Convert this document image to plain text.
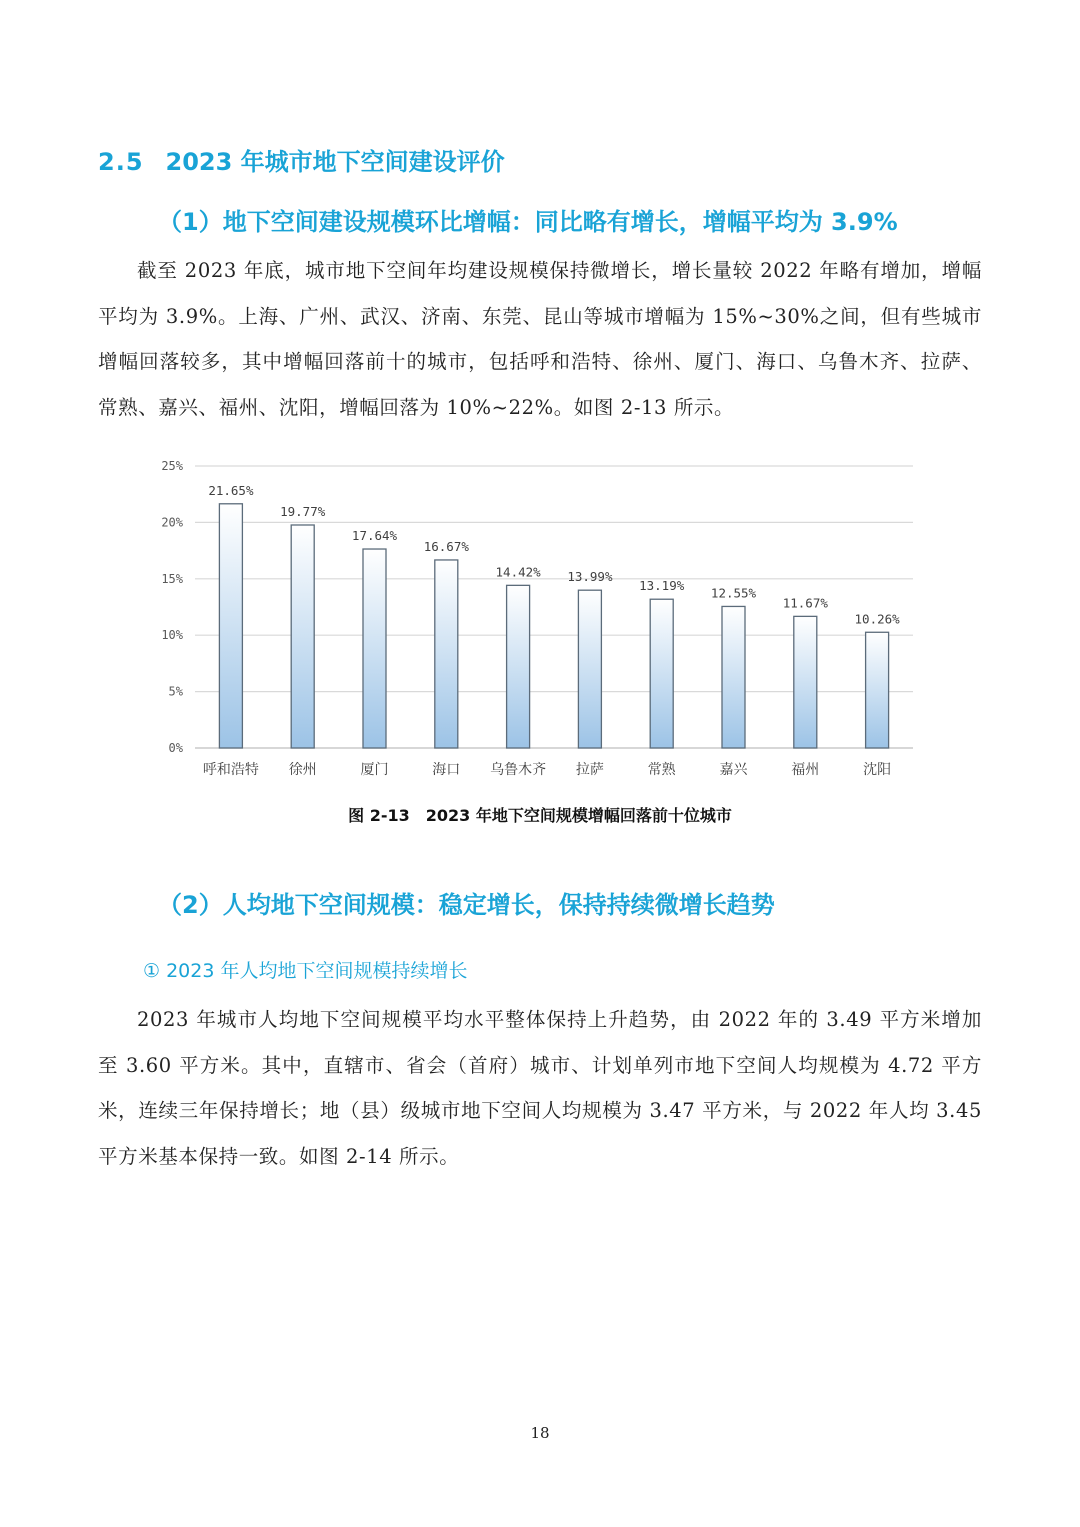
2.5 2023 年城市地下空间建设评价
（1）地下空间建设规模环比增幅：同比略有增长，增幅平均为 3.9%

截至 2023 年底，城市地下空间年均建设规模保持微增长，增长量较 2022 年略有增加，增幅平均为 3.9%。上海、广州、武汉、济南、东莞、昆山等城市增幅为 15%~30%之间，但有些城市增幅回落较多，其中增幅回落前十的城市，包括呼和浩特、徐州、厦门、海口、乌鲁木齐、拉萨、常熟、嘉兴、福州、沈阳，增幅回落为 10%~22%。如图 2-13 所示。

0%
5%
10%
15%
20%
25%
21.65%
19.77%
17.64%
16.67%
14.42% 13.99%
13.19% 12.55%
11.67%
10.26%
呼和浩特 徐州	厦门	海口 乌鲁木齐 拉萨	常熟	嘉兴	福州	沈阳
图 2-13　2023 年地下空间规模增幅回落前十位城市
（2）人均地下空间规模：稳定增长，保持持续微增长趋势
① 2023 年人均地下空间规模持续增长

2023 年城市人均地下空间规模平均水平整体保持上升趋势，由 2022 年的 3.49 平方米增加至 3.60 平方米。其中，直辖市、省会（首府）城市、计划单列市地下空间人均规模为 4.72 平方米，连续三年保持增长；地（县）级城市地下空间人均规模为 3.47 平方米，与 2022 年人均 3.45 平方米基本保持一致。如图 2-14 所示。

18
